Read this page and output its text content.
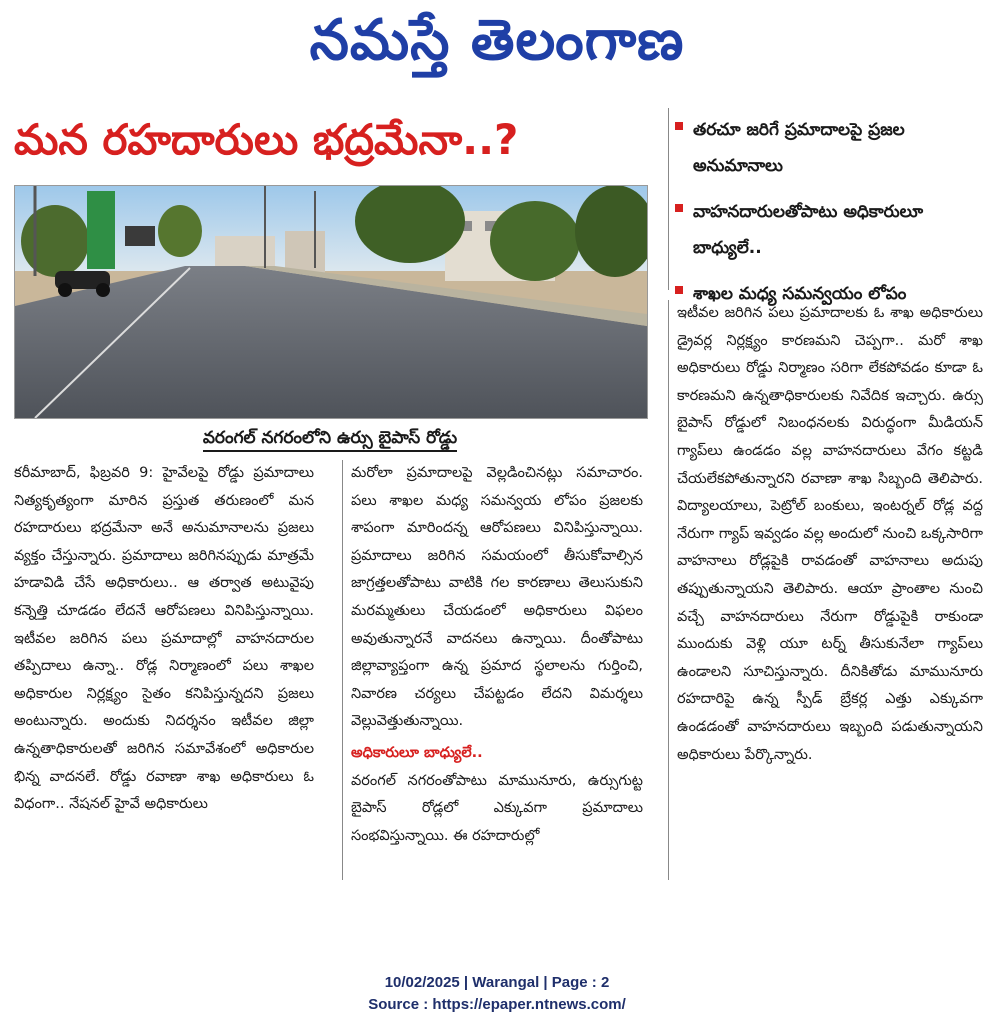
నమస్తే తెలంగాణ
మన రహదారులు భద్రమేనా..?
వరంగల్ నగరంలోని ఉర్సు బైపాస్ రోడ్డు
తరచూ జరిగే ప్రమాదాలపై ప్రజల అనుమానాలు
వాహనదారులతోపాటు అధికారులూ బాధ్యులే..
శాఖల మధ్య సమన్వయం లోపం
కరీమాబాద్, ఫిబ్రవరి 9: హైవేలపై రోడ్డు ప్రమాదాలు నిత్యకృత్యంగా మారిన ప్రస్తుత తరుణంలో మన రహదారులు భద్రమేనా అనే అనుమానాలను ప్రజలు వ్యక్తం చేస్తున్నారు. ప్రమాదాలు జరిగినప్పుడు మాత్రమే హడావిడి చేసే అధికారులు.. ఆ తర్వాత అటువైపు కన్నెత్తి చూడడం లేదనే ఆరోపణలు వినిపిస్తున్నాయి. ఇటీవల జరిగిన పలు ప్రమాదాల్లో వాహనదారుల తప్పిదాలు ఉన్నా.. రోడ్ల నిర్మాణంలో పలు శాఖల అధికారుల నిర్లక్ష్యం సైతం కనిపిస్తున్నదని ప్రజలు అంటున్నారు. అందుకు నిదర్శనం ఇటీవల జిల్లా ఉన్నతాధికారులతో జరిగిన సమావేశంలో అధికారుల భిన్న వాదనలే. రోడ్డు రవాణా శాఖ అధికారులు ఓ విధంగా.. నేషనల్ హైవే అధికారులు
మరోలా ప్రమాదాలపై వెల్లడించినట్లు సమాచారం. పలు శాఖల మధ్య సమన్వయ లోపం ప్రజలకు శాపంగా మారిందన్న ఆరోపణలు వినిపిస్తున్నాయి. ప్రమాదాలు జరిగిన సమయంలో తీసుకోవాల్సిన జాగ్రత్తలతోపాటు వాటికి గల కారణాలు తెలుసుకుని మరమ్మతులు చేయడంలో అధికారులు విఫలం అవుతున్నారనే వాదనలు ఉన్నాయి. దీంతోపాటు జిల్లావ్యాప్తంగా ఉన్న ప్రమాద స్థలాలను గుర్తించి, నివారణ చర్యలు చేపట్టడం లేదని విమర్శలు వెల్లువెత్తుతున్నాయి.
అధికారులూ బాధ్యులే..
వరంగల్ నగరంతోపాటు మామునూరు, ఉర్సుగుట్ట బైపాస్ రోడ్లలో ఎక్కువగా ప్రమాదాలు సంభవిస్తున్నాయి. ఈ రహదారుల్లో
ఇటీవల జరిగిన పలు ప్రమాదాలకు ఓ శాఖ అధికారులు డ్రైవర్ల నిర్లక్ష్యం కారణమని చెప్పగా.. మరో శాఖ అధికారులు రోడ్డు నిర్మాణం సరిగా లేకపోవడం కూడా ఓ కారణమని ఉన్నతాధికారులకు నివేదిక ఇచ్చారు. ఉర్సు బైపాస్ రోడ్డులో నిబంధనలకు విరుద్ధంగా మీడియన్ గ్యాప్‌లు ఉండడం వల్ల వాహనదారులు వేగం కట్టడి చేయలేకపోతున్నారని రవాణా శాఖ సిబ్బంది తెలిపారు. విద్యాలయాలు, పెట్రోల్ బంకులు, ఇంటర్నల్ రోడ్ల వద్ద నేరుగా గ్యాప్ ఇవ్వడం వల్ల అందులో నుంచి ఒక్కసారిగా వాహనాలు రోడ్లపైకి రావడంతో వాహనాలు అదుపు తప్పుతున్నాయని తెలిపారు. ఆయా ప్రాంతాల నుంచి వచ్చే వాహనదారులు నేరుగా రోడ్డుపైకి రాకుండా ముందుకు వెళ్లి యూ టర్న్ తీసుకునేలా గ్యాప్‌లు ఉండాలని సూచిస్తున్నారు. దీనికితోడు మామునూరు రహదారిపై ఉన్న స్పీడ్ బ్రేకర్ల ఎత్తు ఎక్కువగా ఉండడంతో వాహనదారులు ఇబ్బంది పడుతున్నాయని అధికారులు పేర్కొన్నారు.
10/02/2025 | Warangal | Page : 2
Source : https://epaper.ntnews.com/
